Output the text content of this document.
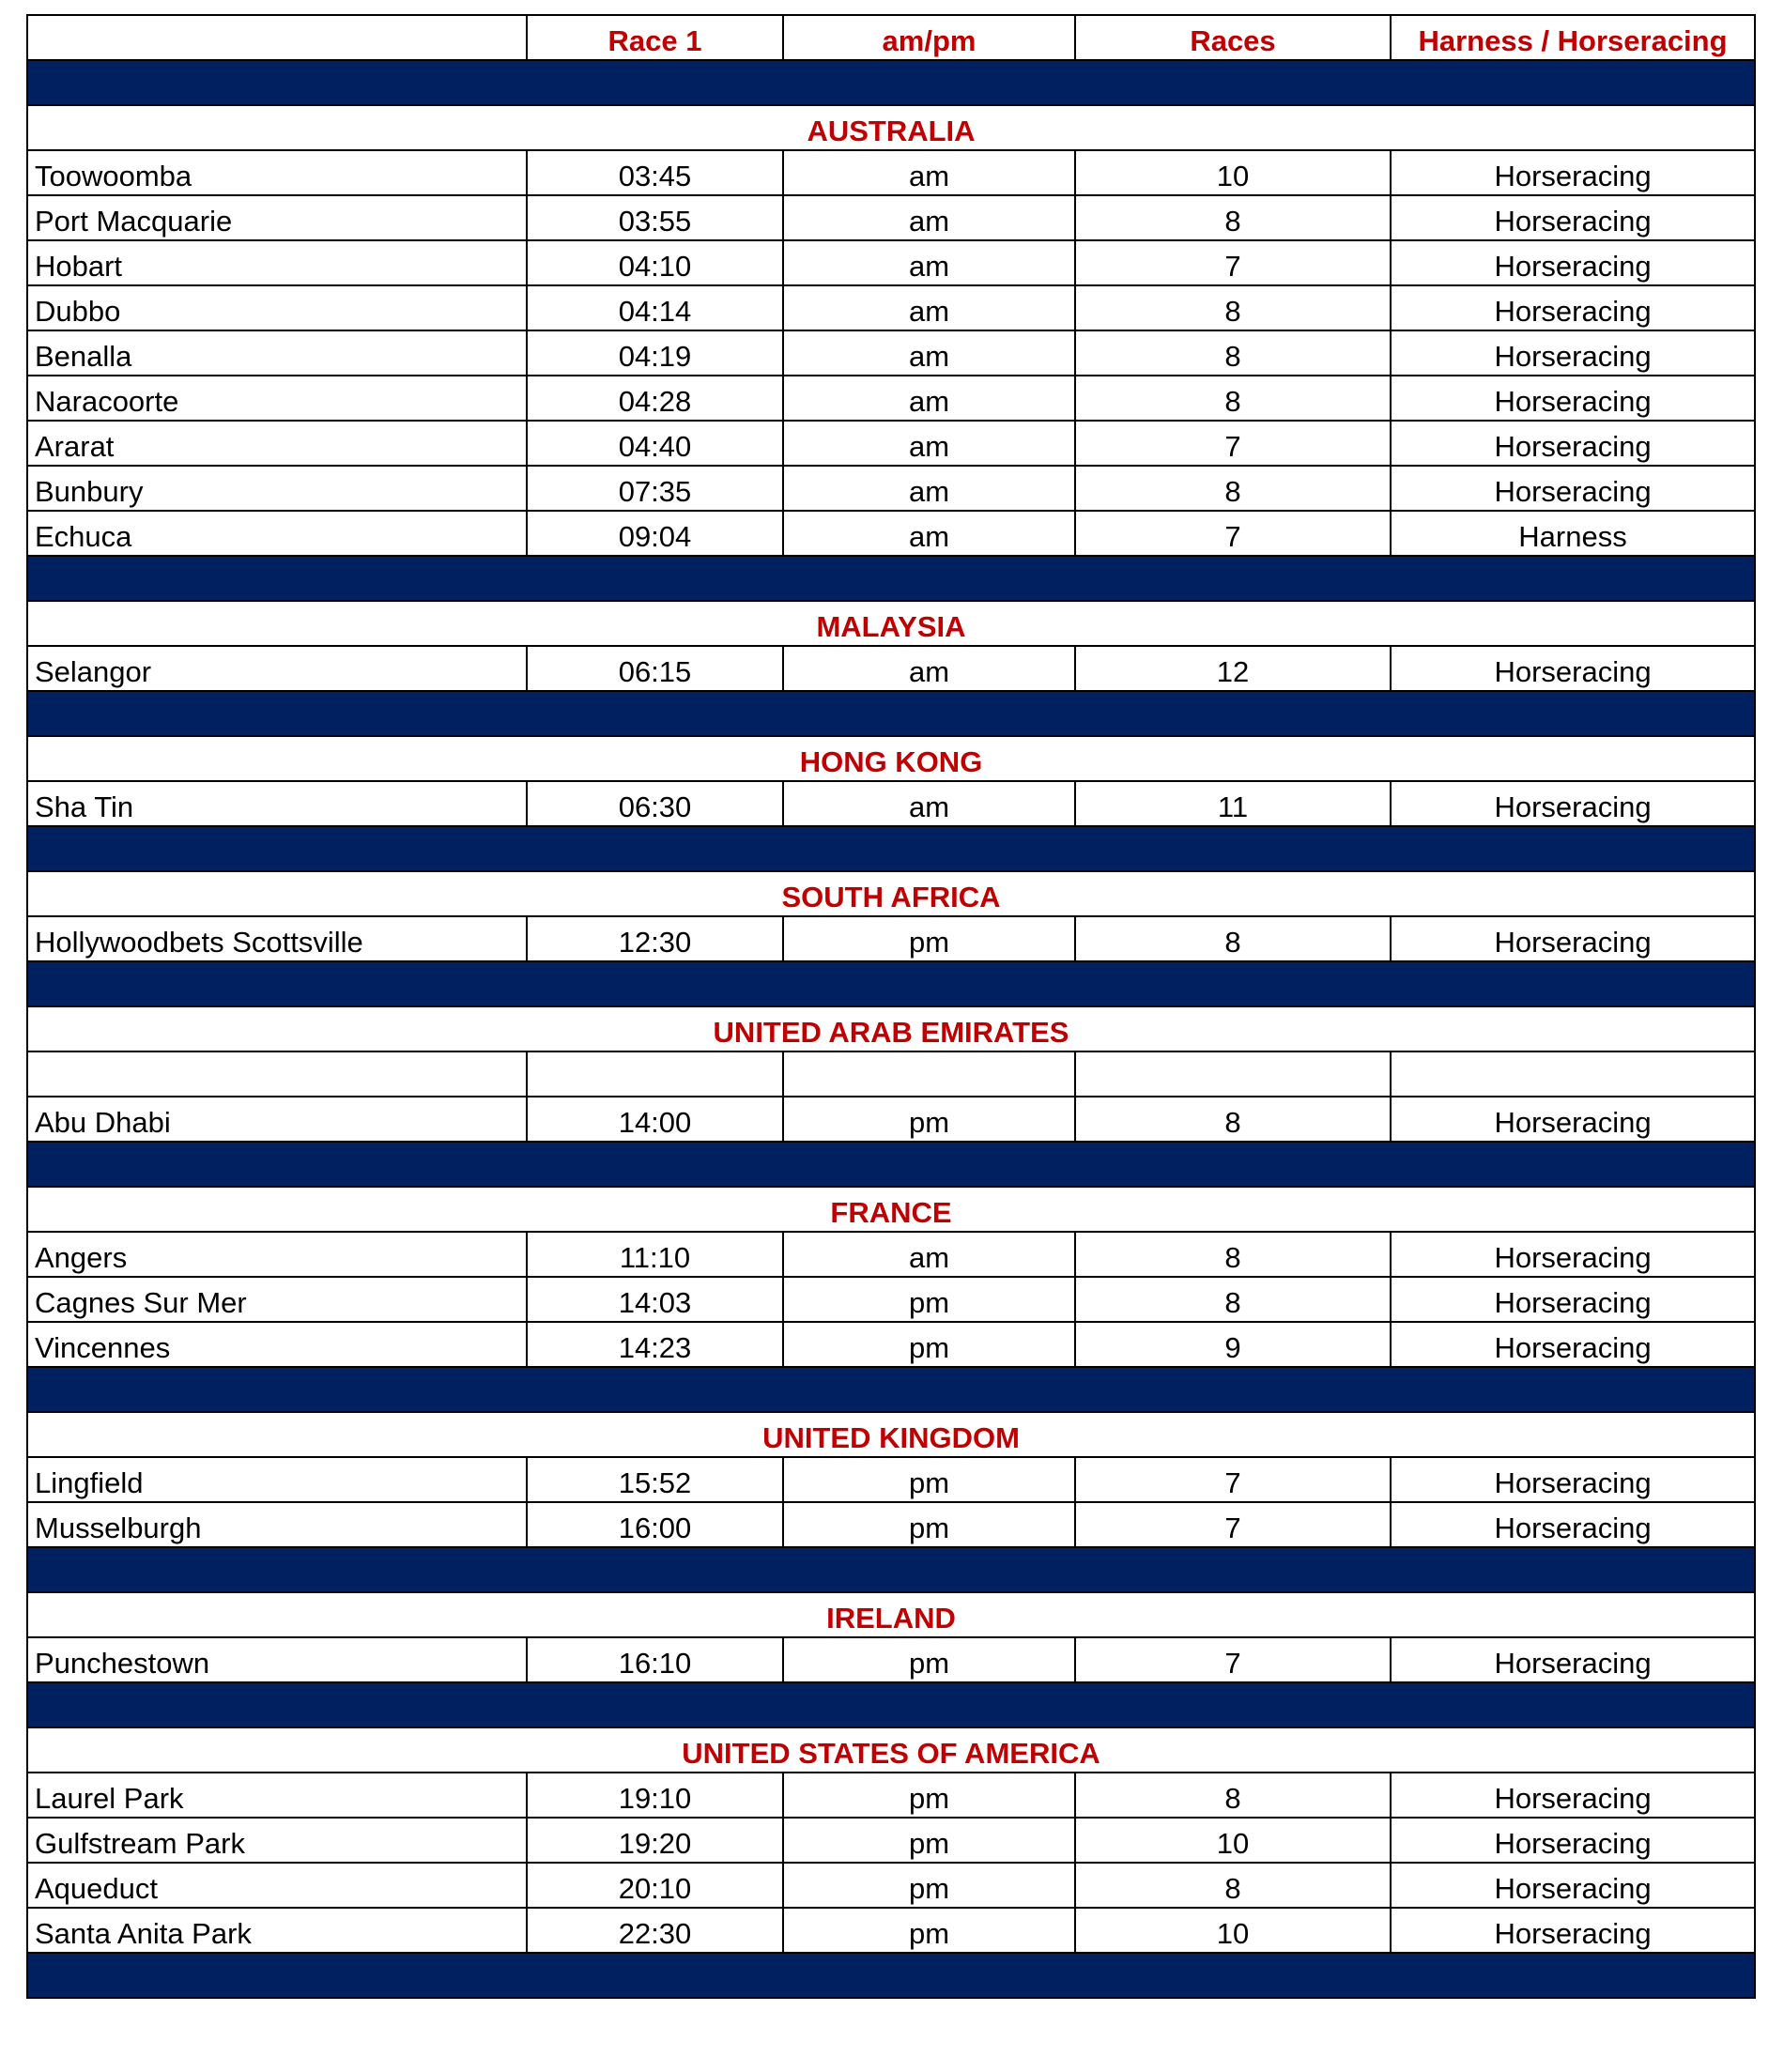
	Race 1	am/pm	Races	Harness / Horseracing

AUSTRALIA				
Toowoomba	03:45	am	10	Horseracing
Port Macquarie	03:55	am	8	Horseracing
Hobart	04:10	am	7	Horseracing
Dubbo	04:14	am	8	Horseracing
Benalla	04:19	am	8	Horseracing
Naracoorte	04:28	am	8	Horseracing
Ararat	04:40	am	7	Horseracing
Bunbury	07:35	am	8	Horseracing
Echuca	09:04	am	7	Harness

MALAYSIA				
Selangor	06:15	am	12	Horseracing

HONG KONG				
Sha Tin	06:30	am	11	Horseracing

SOUTH AFRICA				
Hollywoodbets Scottsville	12:30	pm	8	Horseracing

UNITED ARAB EMIRATES				

Abu Dhabi	14:00	pm	8	Horseracing

FRANCE				
Angers	11:10	am	8	Horseracing
Cagnes Sur Mer	14:03	pm	8	Horseracing
Vincennes	14:23	pm	9	Horseracing

UNITED KINGDOM				
Lingfield	15:52	pm	7	Horseracing
Musselburgh	16:00	pm	7	Horseracing

IRELAND				
Punchestown	16:10	pm	7	Horseracing

UNITED STATES OF AMERICA				
Laurel Park	19:10	pm	8	Horseracing
Gulfstream Park	19:20	pm	10	Horseracing
Aqueduct	20:10	pm	8	Horseracing
Santa Anita Park	22:30	pm	10	Horseracing
